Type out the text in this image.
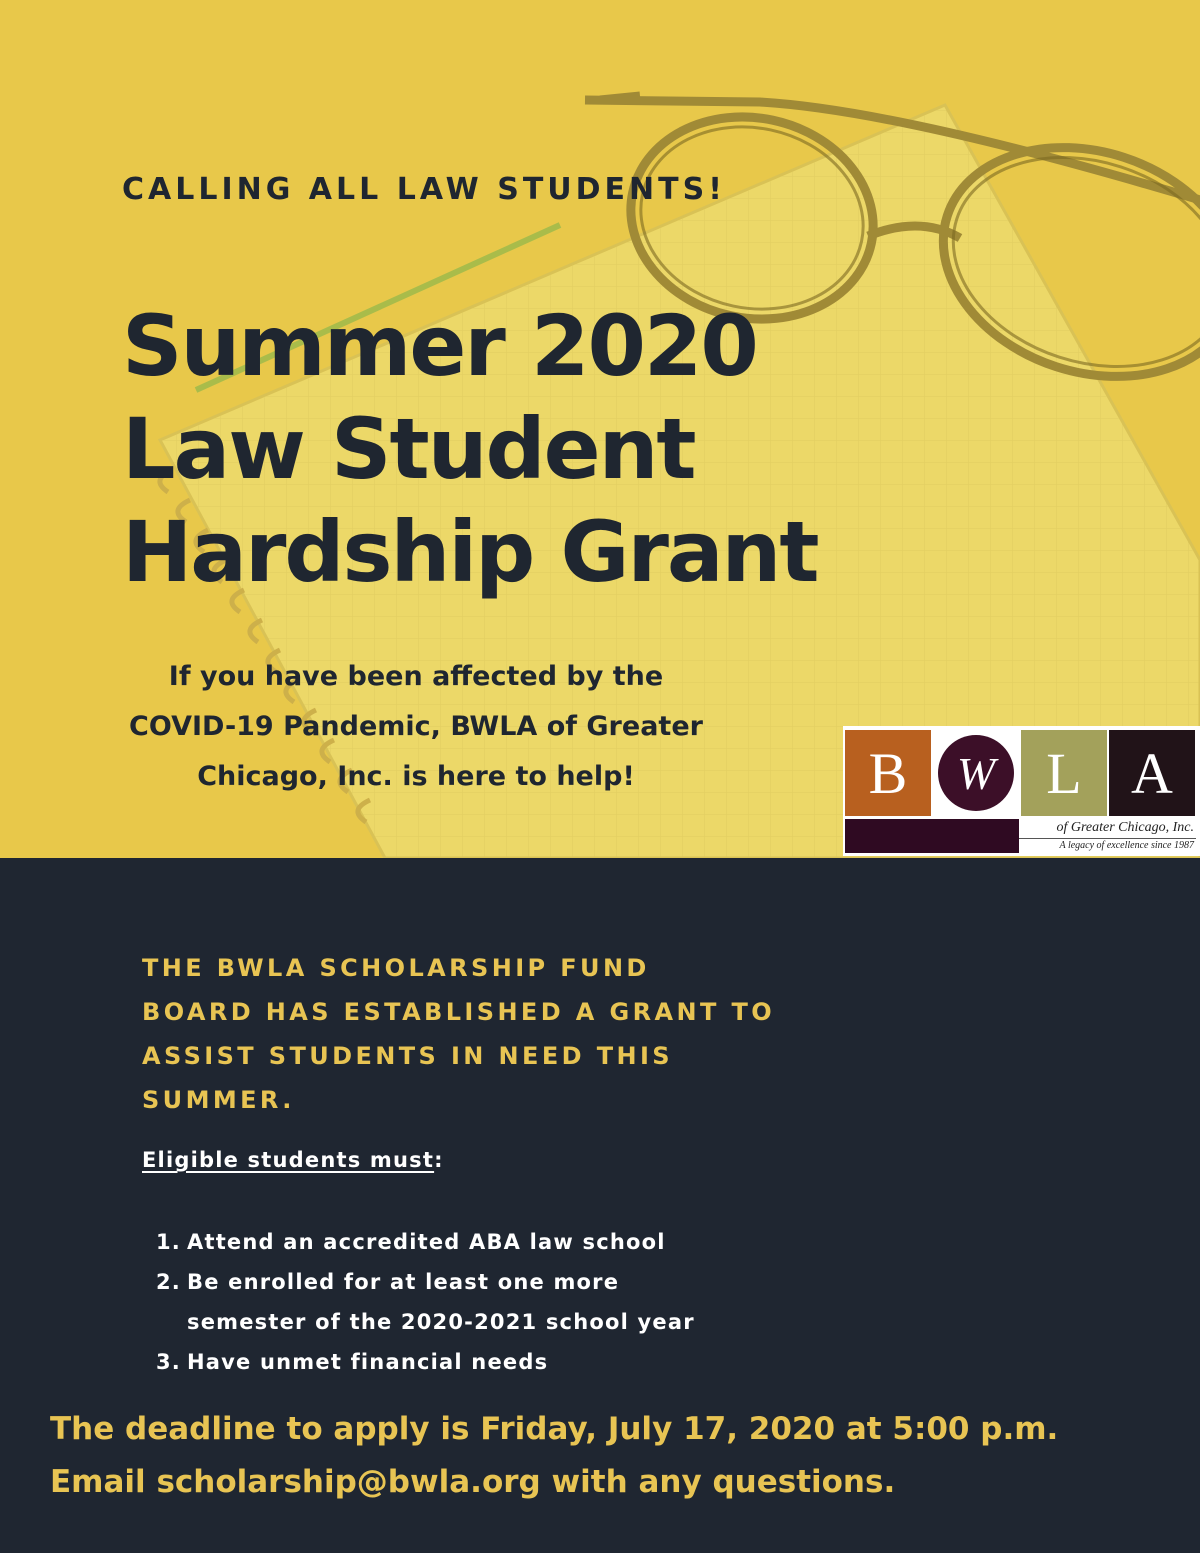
CALLING ALL LAW STUDENTS!
Summer 2020
Law Student
Hardship Grant

If you have been affected by the COVID-19 Pandemic, BWLA of Greater Chicago, Inc. is here to help!	B	W L A
of Greater Chicago, Inc.
A legacy of excellence since 1987
THE BWLA SCHOLARSHIP FUND
BOARD HAS ESTABLISHED A GRANT TO
ASSIST STUDENTS IN NEED THIS
SUMMER.
Eligible students must:
1. Attend an accredited ABA law school
2. Be enrolled for at least one more
semester of the 2020-2021 school year
3. Have unmet financial needs
The deadline to apply is Friday, July 17, 2020 at 5:00 p.m.
Email scholarship@bwla.org with any questions.
